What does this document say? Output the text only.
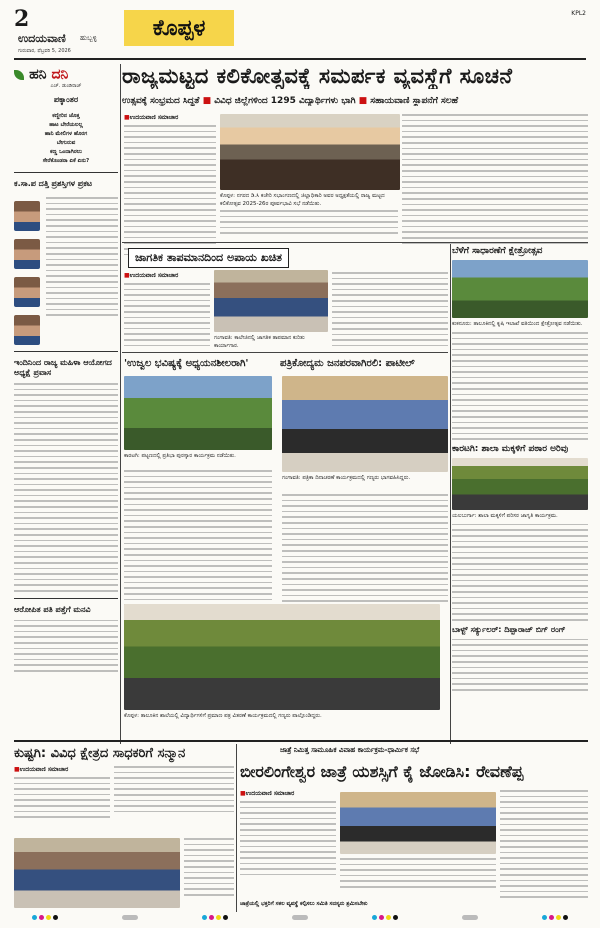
2
ಉದಯವಾಣಿ ಹುಬ್ಬಳ್ಳಿ
ಗುರುವಾರ, ಫೆಬ್ರವರಿ 5, 2026
ಕೊಪ್ಪಳ
KPL2
ಹನಿ ದನಿ
ಎಚ್. ಡುಂಡಿರಾಜ್
ಪಕ್ಕಾಂತರ
ಕಣ್ಣೀರಿನ ಜೊತ್ತ
ಹಾಟ ಬೇರೆಯಲಲ್ಲ
ಹಾನಿ ಮೇಲಿಗಳ ಹೊರಗ
ಬೇಗುರುವ
ಕಣ್ಣ ಒಂದಾಗಿರಲು
ಸೇರೆಕೊಂಡರಾ ಏಕೆ ಏನು?
ಕ.ಸಾ.ಪ ದತ್ತಿ ಪ್ರಶಸ್ತಿಗಳ ಪ್ರಕಟ
ಇಂದಿನಿಂದ ರಾಜ್ಯ ಮಹಿಳಾ ಆಯೋಗದ ಅಧ್ಯಕ್ಷೆ ಪ್ರವಾಸ
ಆರೋಪಿತ ಪತಿ ಪತ್ತೆಗೆ ಮನವಿ
ರಾಜ್ಯಮಟ್ಟದ ಕಲಿಕೋತ್ಸವಕ್ಕೆ ಸಮರ್ಪಕ ವ್ಯವಸ್ಥೆಗೆ ಸೂಚನೆ
ಉತ್ಸವಕ್ಕೆ ಸಂಭ್ರಮದ ಸಿದ್ಧತೆ ■ ವಿವಿಧ ಜಿಲ್ಲೆಗಳಿಂದ 1295 ವಿದ್ಯಾರ್ಥಿಗಳು ಭಾಗಿ ■ ಸಹಾಯವಾಣಿ ಸ್ಥಾಪನೆಗೆ ಸಲಹೆ
■ ಉದಯವಾಣಿ ಸಮಾಚಾರ
ಕೊಪ್ಪಳ: ನಗರದ ಡಿ.ಸಿ ಕಚೇರಿ ಸಭಾಂಗಣದಲ್ಲಿ ಜಿಲ್ಲಾಧಿಕಾರಿ ಅವರ ಅಧ್ಯಕ್ಷತೆಯಲ್ಲಿ ರಾಜ್ಯ ಮಟ್ಟದ ಕಲಿಕೋತ್ಸವ 2025-26ರ ಪೂರ್ವಭಾವಿ ಸಭೆ ನಡೆಯಿತು.
ಜಾಗತಿಕ ತಾಪಮಾನದಿಂದ ಅಪಾಯ ಖಚಿತ
■ ಉದಯವಾಣಿ ಸಮಾಚಾರ
ಗಂಗಾವತಿ: ಕಾಲೇಜಿನಲ್ಲಿ ಜಾಗತಿಕ ತಾಪಮಾನ ಕುರಿತು ಕಾರ್ಯಾಗಾರ.
'ಉಜ್ವಲ ಭವಿಷ್ಯಕ್ಕೆ ಅಧ್ಯಯನಶೀಲರಾಗಿ'
ಕಾರಟಗಿ: ಪಟ್ಟಣದಲ್ಲಿ ಪ್ರತಿಭಾ ಪುರಸ್ಕಾರ ಕಾರ್ಯಕ್ರಮ ನಡೆಯಿತು.
ಪತ್ರಿಕೋದ್ಯಮ ಜನಪರವಾಗಿರಲಿ: ಪಾಟೀಲ್
ಗಂಗಾವತಿ: ಪತ್ರಿಕಾ ದಿನಾಚರಣೆ ಕಾರ್ಯಕ್ರಮದಲ್ಲಿ ಗಣ್ಯರು ಭಾಗವಹಿಸಿದ್ದರು.
ಬೆಳೆಗೆ ಸಾಧಾರಣೆಗೆ ಕ್ಷೇತ್ರೋತ್ಸವ
ಕುಕನೂರು: ತಾಲೂಕಿನಲ್ಲಿ ಕೃಷಿ ಇಲಾಖೆ ವತಿಯಿಂದ ಕ್ಷೇತ್ರೋತ್ಸವ ನಡೆಯಿತು.
ಕಾರಟಗಿ: ಶಾಲಾ ಮಕ್ಕಳಿಗೆ ಪಠಾರ ಅರಿವು
ಯಲಬುರ್ಗಾ: ಶಾಲಾ ಮಕ್ಕಳಿಗೆ ಪರಿಸರ ಜಾಗೃತಿ ಕಾರ್ಯಕ್ರಮ.
ಬಾಳ್ಟ್ ಸರ್ಕ್ಯುಲರ್: ದಿಪ್ಪಾರಾಜ್ ಬಿಗ್ ರಂಗ್
ಕೊಪ್ಪಳ: ತಾಲೂಕಿನ ಶಾಲೆಯಲ್ಲಿ ವಿದ್ಯಾರ್ಥಿಗಳಿಗೆ ಪ್ರಮಾಣ ಪತ್ರ ವಿತರಣೆ ಕಾರ್ಯಕ್ರಮದಲ್ಲಿ ಗಣ್ಯರು ಪಾಲ್ಗೊಂಡಿದ್ದರು.
ಕುಷ್ಟಗಿ: ವಿವಿಧ ಕ್ಷೇತ್ರದ ಸಾಧಕರಿಗೆ ಸನ್ಮಾನ
■ ಉದಯವಾಣಿ ಸಮಾಚಾರ
ಜಾತ್ರೆ ನಿಮಿತ್ತ ಸಾಮೂಹಿಕ ವಿವಾಹ ಕಾರ್ಯಕ್ರಮ-ಧಾರ್ಮಿಕ ಸಭೆ
ಬೀರಲಿಂಗೇಶ್ವರ ಜಾತ್ರೆ ಯಶಸ್ಸಿಗೆ ಕೈ ಜೋಡಿಸಿ: ರೇವಣೆಪ್ಪ
■ ಉದಯವಾಣಿ ಸಮಾಚಾರ
ಜಾತ್ರೆಯಲ್ಲಿ ಭಕ್ತರಿಗೆ ಸಕಲ ವ್ಯವಸ್ಥೆ ಕಲ್ಪಿಸಲು ಸಮಿತಿ ಸದಸ್ಯರು ಶ್ರಮಿಸಬೇಕು
